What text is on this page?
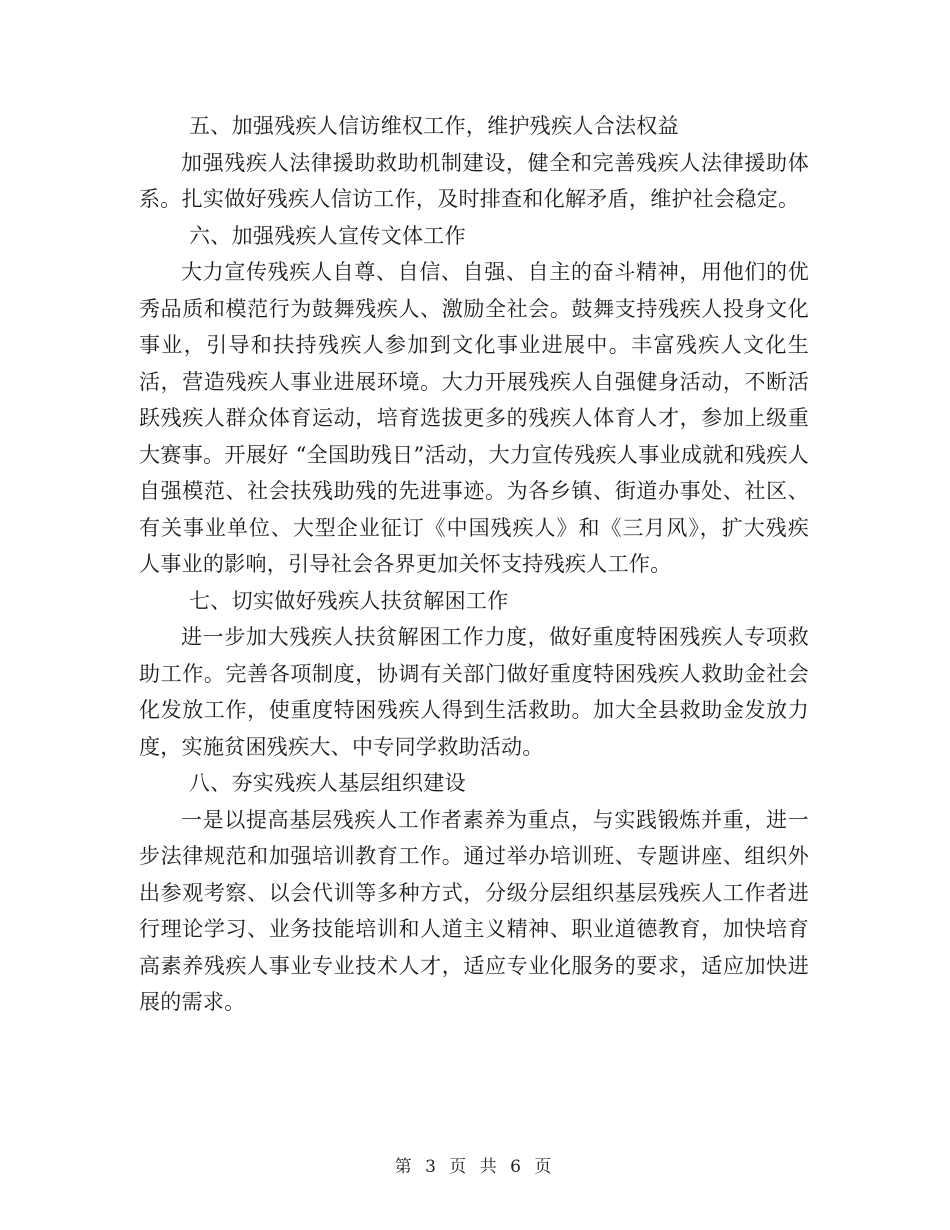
五、加强残疾人信访维权工作，维护残疾人合法权益

加强残疾人法律援助救助机制建设，健全和完善残疾人法律援助体系。扎实做好残疾人信访工作，及时排查和化解矛盾，维护社会稳定。

六、加强残疾人宣传文体工作

大力宣传残疾人自尊、自信、自强、自主的奋斗精神，用他们的优秀品质和模范行为鼓舞残疾人、激励全社会。鼓舞支持残疾人投身文化事业，引导和扶持残疾人参加到文化事业进展中。丰富残疾人文化生活，营造残疾人事业进展环境。大力开展残疾人自强健身活动，不断活跃残疾人群众体育运动，培育选拔更多的残疾人体育人才，参加上级重大赛事。开展好 “全国助残日”活动，大力宣传残疾人事业成就和残疾人自强模范、社会扶残助残的先进事迹。为各乡镇、街道办事处、社区、有关事业单位、大型企业征订《中国残疾人》和《三月风》，扩大残疾人事业的影响，引导社会各界更加关怀支持残疾人工作。

七、切实做好残疾人扶贫解困工作

进一步加大残疾人扶贫解困工作力度，做好重度特困残疾人专项救助工作。完善各项制度，协调有关部门做好重度特困残疾人救助金社会化发放工作，使重度特困残疾人得到生活救助。加大全县救助金发放力度，实施贫困残疾大、中专同学救助活动。

八、夯实残疾人基层组织建设

一是以提高基层残疾人工作者素养为重点，与实践锻炼并重，进一步法律规范和加强培训教育工作。通过举办培训班、专题讲座、组织外出参观考察、以会代训等多种方式，分级分层组织基层残疾人工作者进行理论学习、业务技能培训和人道主义精神、职业道德教育，加快培育高素养残疾人事业专业技术人才，适应专业化服务的要求，适应加快进展的需求。

第 3 页 共 6 页
